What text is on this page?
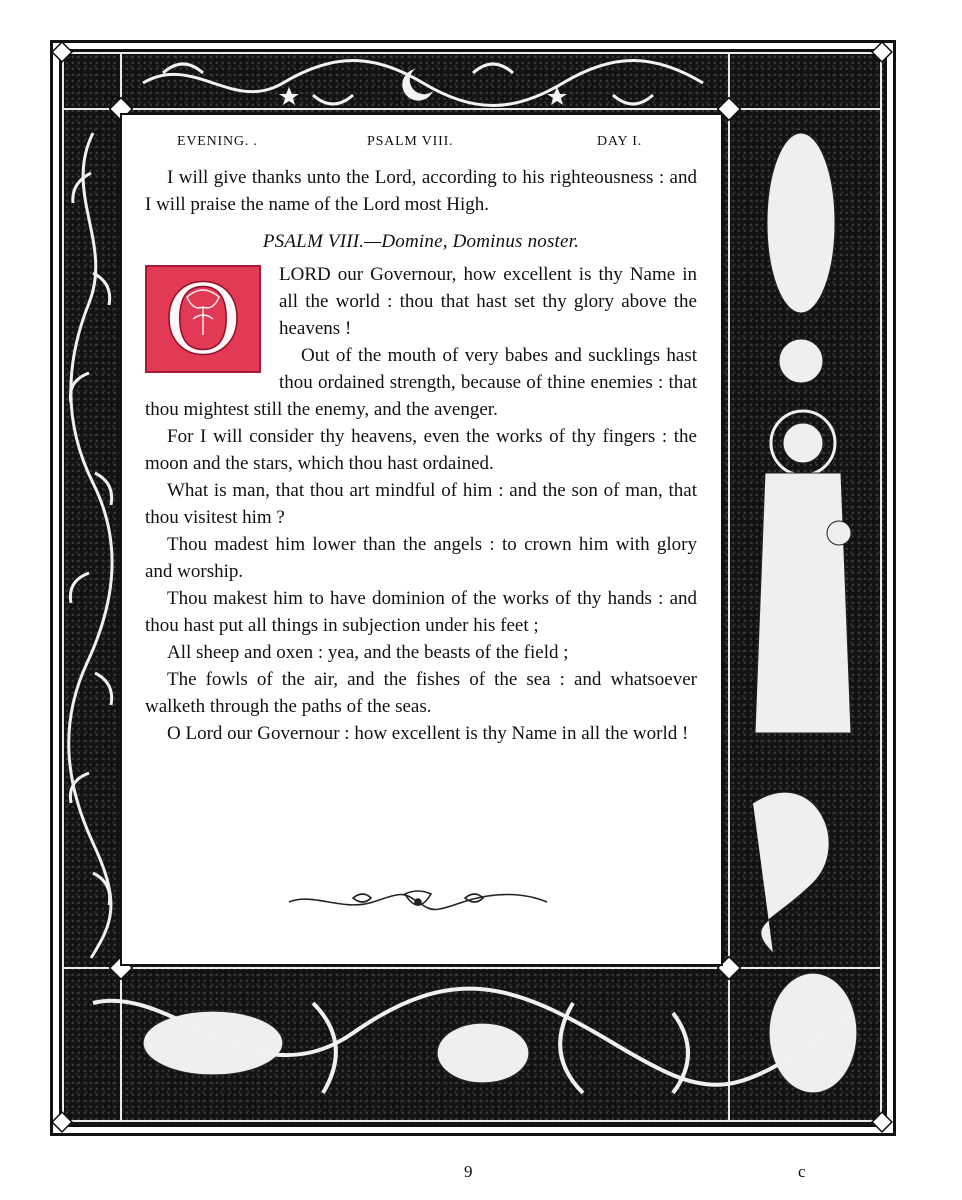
EVENING. .	PSALM VIII.	DAY I.

I will give thanks unto the Lord, according to his righteousness : and I will praise the name of the Lord most High.

PSALM VIII.—Domine, Dominus noster.
O	LORD our Governour, how excellent is thy Name in all the world : thou that hast set thy glory above the heavens !

Out of the mouth of very babes and sucklings hast thou ordained strength, because of thine enemies : that thou mightest still the enemy, and the avenger.

For I will consider thy heavens, even the works of thy fingers : the moon and the stars, which thou hast ordained.

What is man, that thou art mindful of him : and the son of man, that thou visitest him ?

Thou madest him lower than the angels : to crown him with glory and worship.

Thou makest him to have dominion of the works of thy hands : and thou hast put all things in subjection under his feet ;

All sheep and oxen : yea, and the beasts of the field ;

The fowls of the air, and the fishes of the sea : and whatsoever walketh through the paths of the seas.

O Lord our Governour : how excellent is thy Name in all the world !

9	c
